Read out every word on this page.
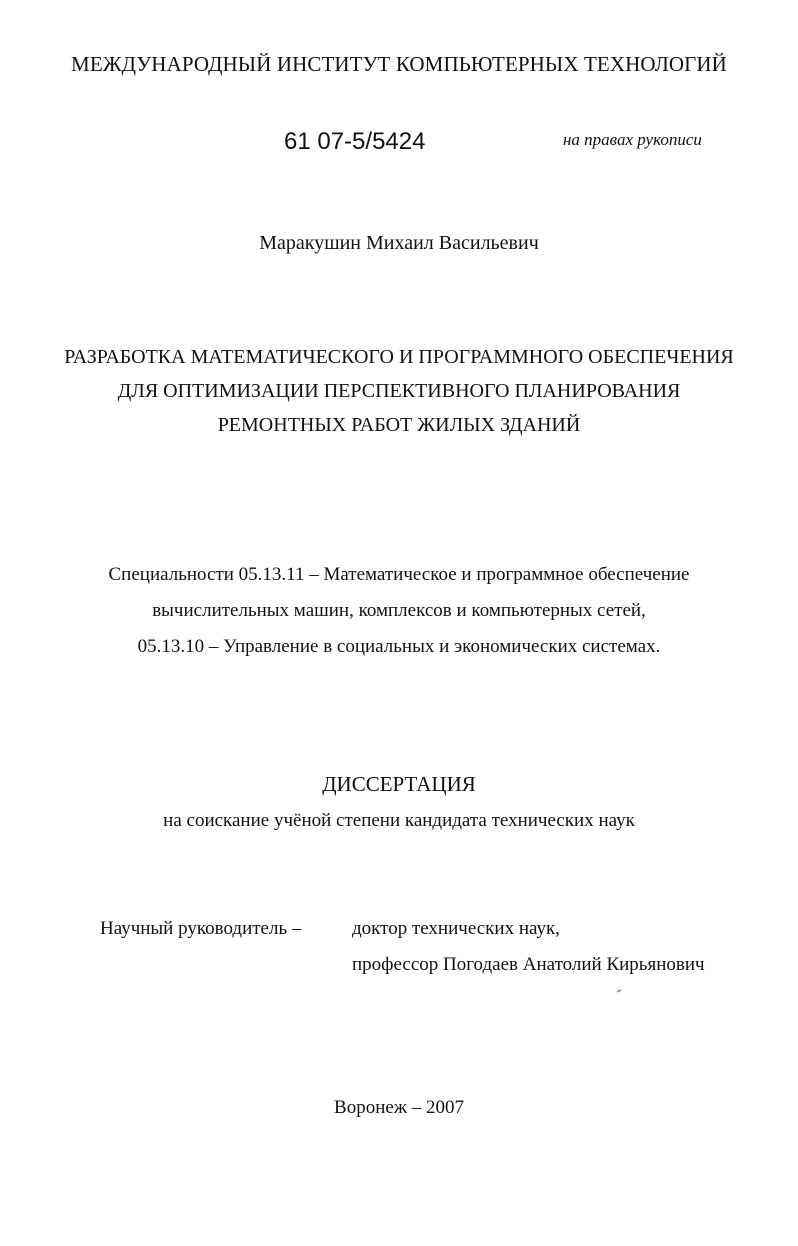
МЕЖДУНАРОДНЫЙ ИНСТИТУТ КОМПЬЮТЕРНЫХ ТЕХНОЛОГИЙ
61 07-5/5424	на правах рукописи
Маракушин Михаил Васильевич
РАЗРАБОТКА МАТЕМАТИЧЕСКОГО И ПРОГРАММНОГО ОБЕСПЕЧЕНИЯ
ДЛЯ ОПТИМИЗАЦИИ ПЕРСПЕКТИВНОГО ПЛАНИРОВАНИЯ
РЕМОНТНЫХ РАБОТ ЖИЛЫХ ЗДАНИЙ
Специальности 05.13.11 – Математическое и программное обеспечение
вычислительных машин, комплексов и компьютерных сетей,
05.13.10 – Управление в социальных и экономических системах.
ДИССЕРТАЦИЯ
на соискание учёной степени кандидата технических наук
Научный руководитель –	доктор технических наук,
профессор Погодаев Анатолий Кирьянович
Воронеж – 2007
